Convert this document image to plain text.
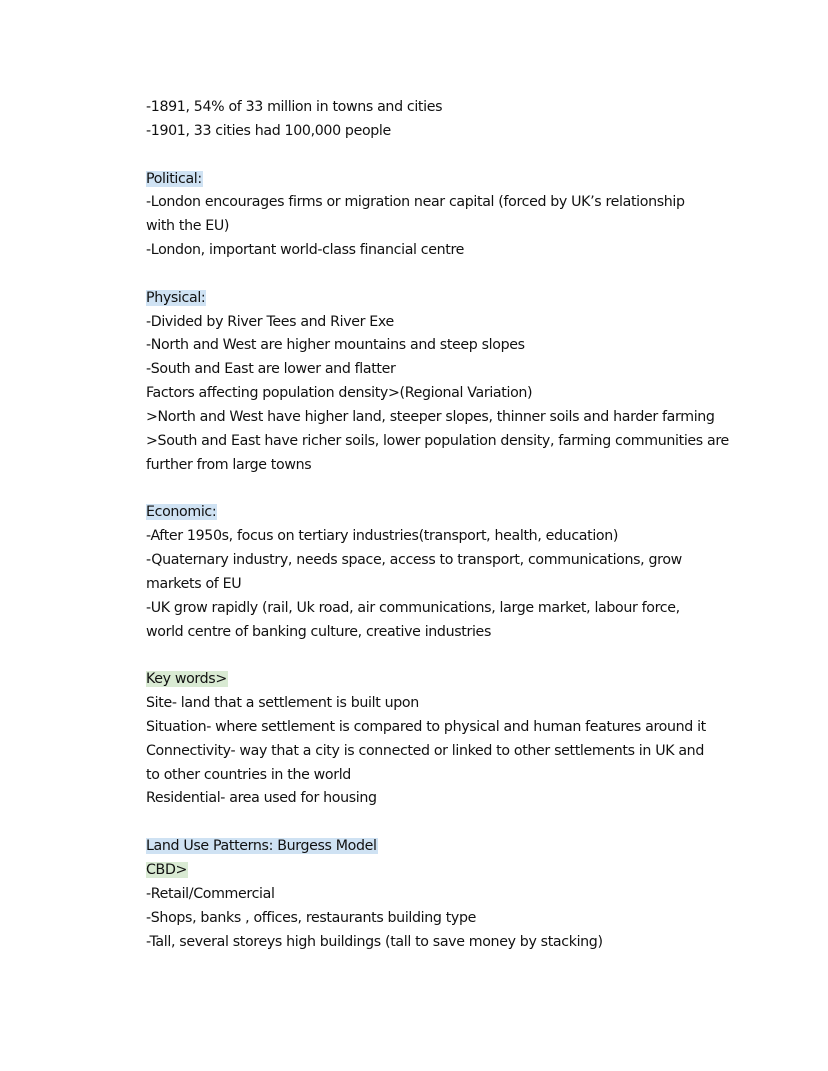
-1891, 54% of 33 million in towns and cities
-1901, 33 cities had 100,000 people
Political:
-London encourages firms or migration near capital (forced by UK’s relationship
with the EU)
-London, important world-class financial centre
Physical:
-Divided by River Tees and River Exe
-North and West are higher mountains and steep slopes
-South and East are lower and flatter
Factors affecting population density>(Regional Variation)
>North and West have higher land, steeper slopes, thinner soils and harder farming
>South and East have richer soils, lower population density, farming communities are
further from large towns
Economic:
-After 1950s, focus on tertiary industries(transport, health, education)
-Quaternary industry, needs space, access to transport, communications, grow
markets of EU
-UK grow rapidly (rail, Uk road, air communications, large market, labour force,
world centre of banking culture, creative industries
Key words>
Site- land that a settlement is built upon
Situation- where settlement is compared to physical and human features around it
Connectivity- way that a city is connected or linked to other settlements in UK and
to other countries in the world
Residential- area used for housing
Land Use Patterns: Burgess Model
CBD>
-Retail/Commercial
-Shops, banks , offices, restaurants building type
-Tall, several storeys high buildings (tall to save money by stacking)
